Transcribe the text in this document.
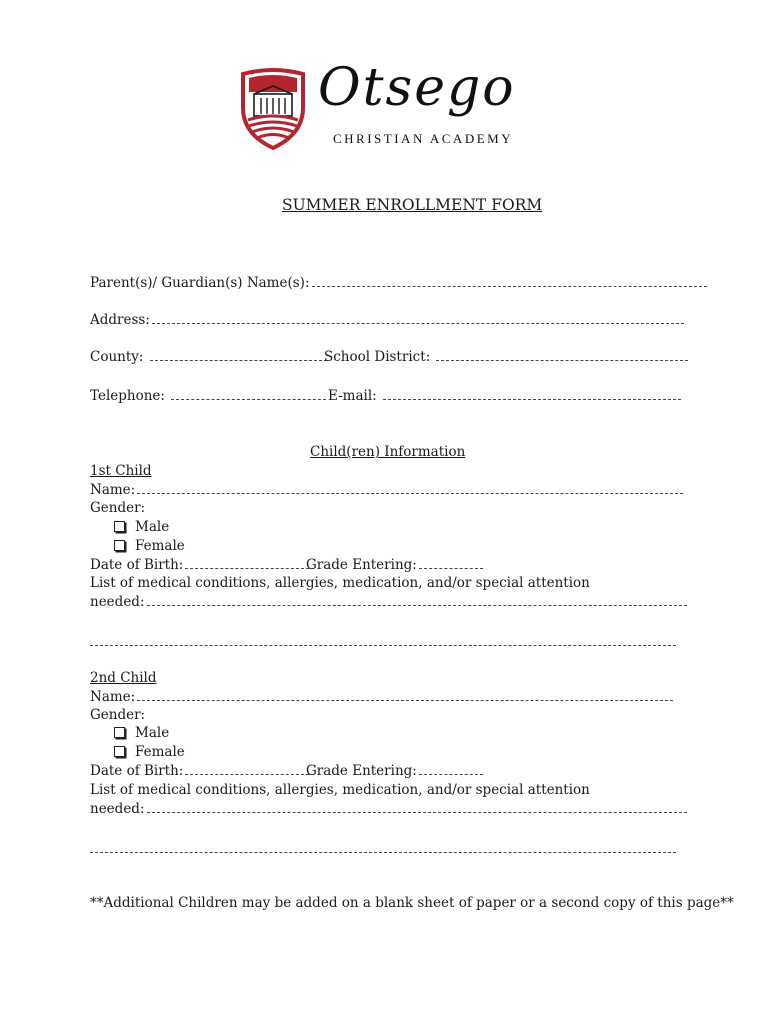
Otsego
CHRISTIAN ACADEMY
SUMMER ENROLLMENT FORM
Parent(s)/ Guardian(s) Name(s):
Address:
County:	School District:
Telephone:	E-mail:
Child(ren) Information
1st Child
Name:
Gender:
Male
Female
Date of Birth:	Grade Entering:
List of medical conditions, allergies, medication, and/or special attention
needed:
2nd Child
Name:
Gender:
Male
Female
Date of Birth:	Grade Entering:
List of medical conditions, allergies, medication, and/or special attention
needed:
**Additional Children may be added on a blank sheet of paper or a second copy of this page**
